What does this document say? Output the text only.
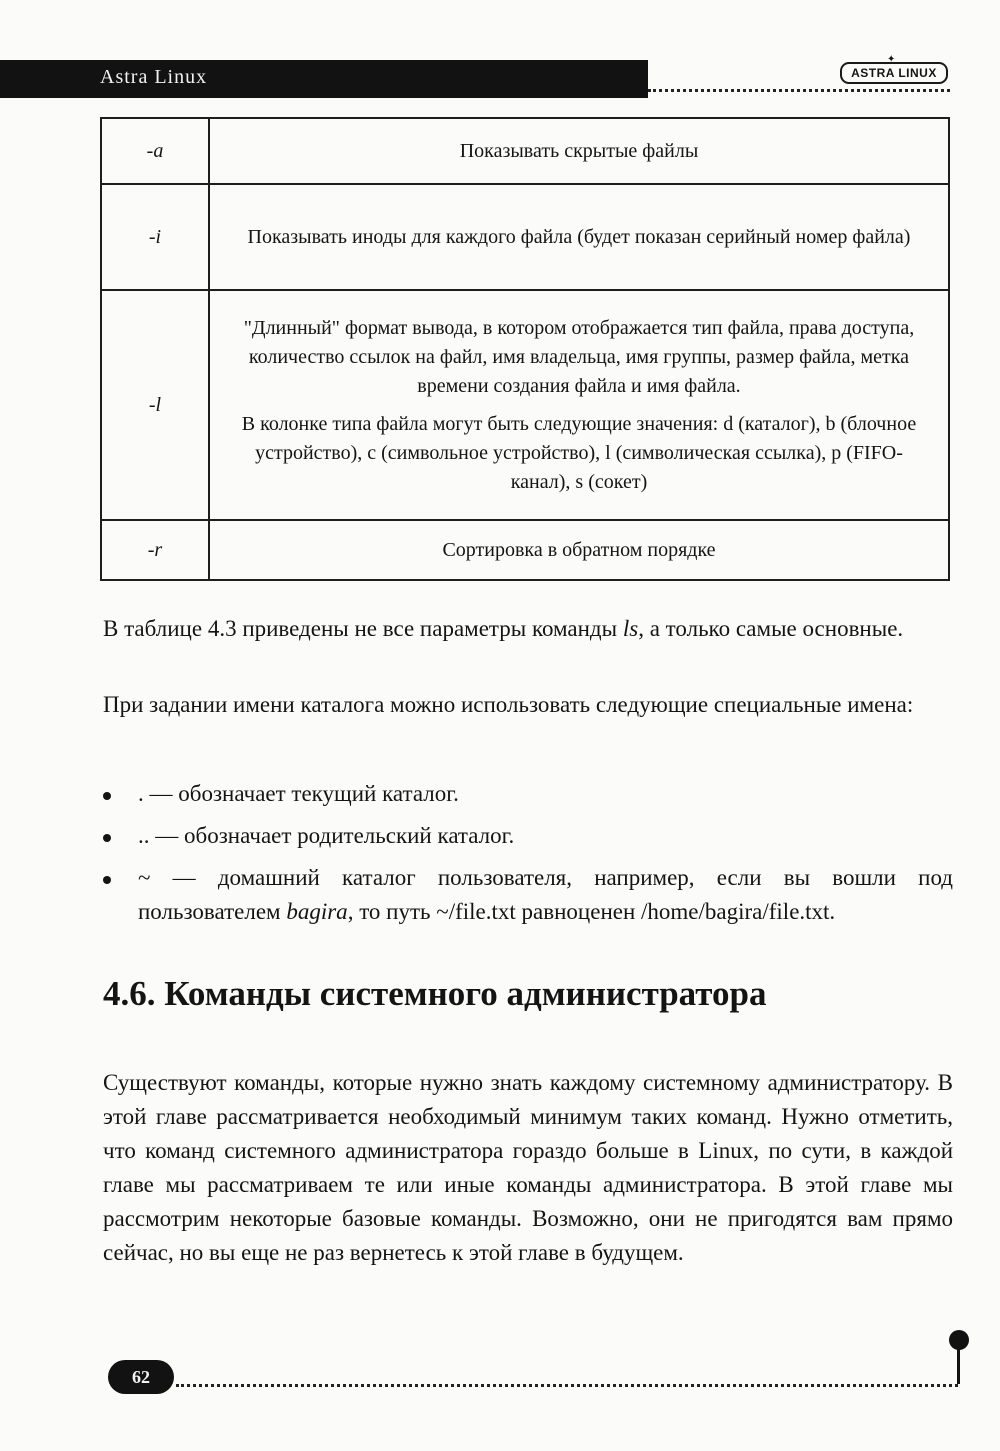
Astra Linux
✦
ASTRA LINUX
-a	Показывать скрытые файлы

-i	Показывать иноды для каждого файла (будет показан серийный номер файла)

-l	"Длинный" формат вывода, в котором отображается тип файла, права доступа, количество ссылок на файл, имя владельца, имя группы, размер файла, метка времени создания файла и имя файла.

В колонке типа файла могут быть следующие значения: d (каталог), b (блочное устройство), c (символьное устройство), l (символическая ссылка), p (FIFO-канал), s (сокет)

-r	Сортировка в обратном порядке

В таблице 4.3 приведены не все параметры команды ls, а только самые основные.

При задании имени каталога можно использовать следующие специальные имена:

. — обозначает текущий каталог.
.. — обозначает родительский каталог.
~ — домашний каталог пользователя, например, если вы вошли под пользователем bagira, то путь ~/file.txt равноценен /home/bagira/file.txt.
4.6. Команды системного администратора

Существуют команды, которые нужно знать каждому системному администратору. В этой главе рассматривается необходимый минимум таких команд. Нужно отметить, что команд системного администратора гораздо больше в Linux, по сути, в каждой главе мы рассматриваем те или иные команды администратора. В этой главе мы рассмотрим некоторые базовые команды. Возможно, они не пригодятся вам прямо сейчас, но вы еще не раз вернетесь к этой главе в будущем.

62
